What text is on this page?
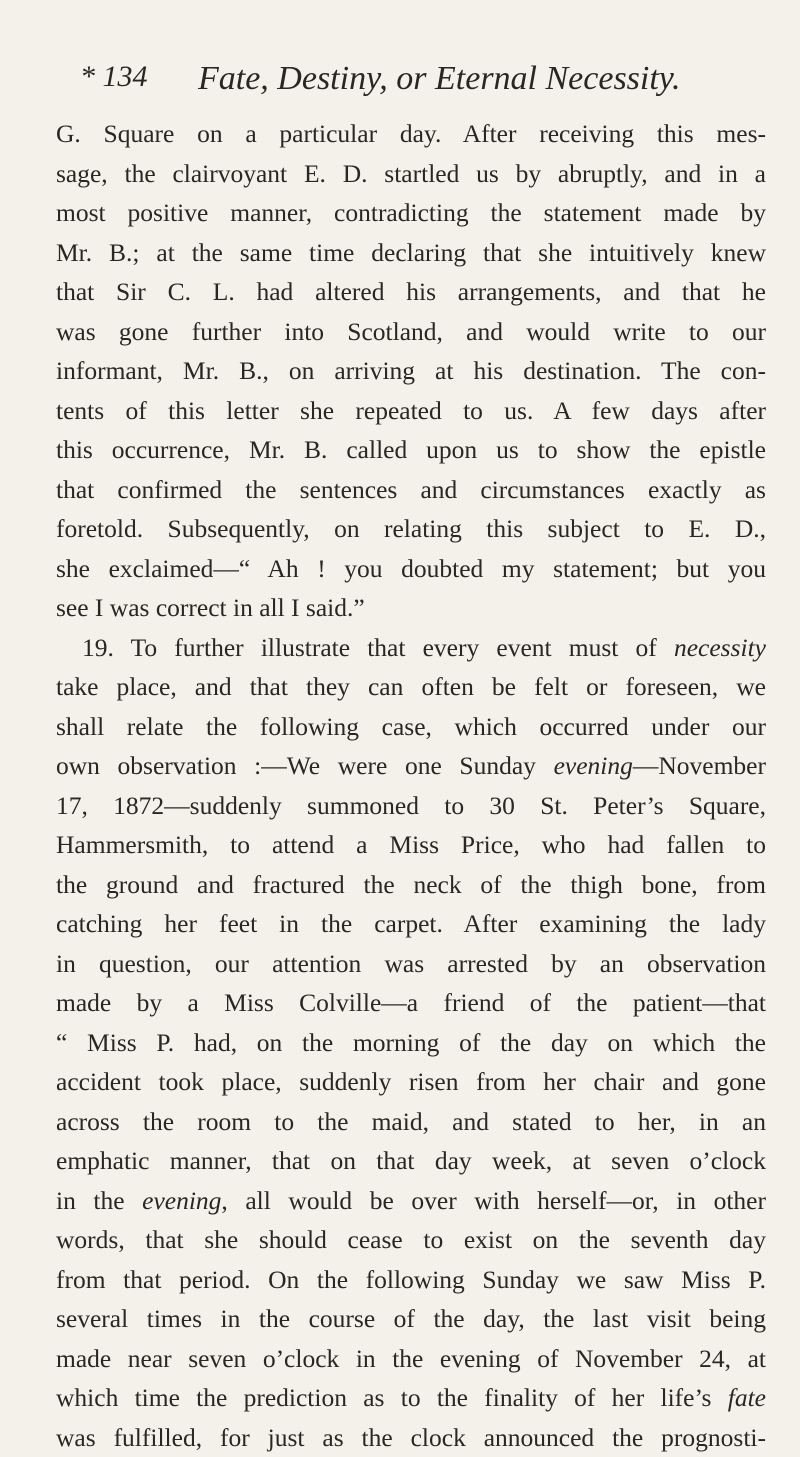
* 134 Fate, Destiny, or Eternal Necessity.
G. Square on a particular day. After receiving this mes-
sage, the clairvoyant E. D. startled us by abruptly, and in a
most positive manner, contradicting the statement made by
Mr. B.; at the same time declaring that she intuitively knew
that Sir C. L. had altered his arrangements, and that he
was gone further into Scotland, and would write to our
informant, Mr. B., on arriving at his destination. The con-
tents of this letter she repeated to us. A few days after
this occurrence, Mr. B. called upon us to show the epistle
that confirmed the sentences and circumstances exactly as
foretold. Subsequently, on relating this subject to E. D.,
she exclaimed—“ Ah ! you doubted my statement; but you
see I was correct in all I said.”
19. To further illustrate that every event must of necessity
take place, and that they can often be felt or foreseen, we
shall relate the following case, which occurred under our
own observation :—We were one Sunday evening—November
17, 1872—suddenly summoned to 30 St. Peter’s Square,
Hammersmith, to attend a Miss Price, who had fallen to
the ground and fractured the neck of the thigh bone, from
catching her feet in the carpet. After examining the lady
in question, our attention was arrested by an observation
made by a Miss Colville—a friend of the patient—that
“ Miss P. had, on the morning of the day on which the
accident took place, suddenly risen from her chair and gone
across the room to the maid, and stated to her, in an
emphatic manner, that on that day week, at seven o’clock
in the evening, all would be over with herself—or, in other
words, that she should cease to exist on the seventh day
from that period. On the following Sunday we saw Miss P.
several times in the course of the day, the last visit being
made near seven o’clock in the evening of November 24, at
which time the prediction as to the finality of her life’s fate
was fulfilled, for just as the clock announced the prognosti-
